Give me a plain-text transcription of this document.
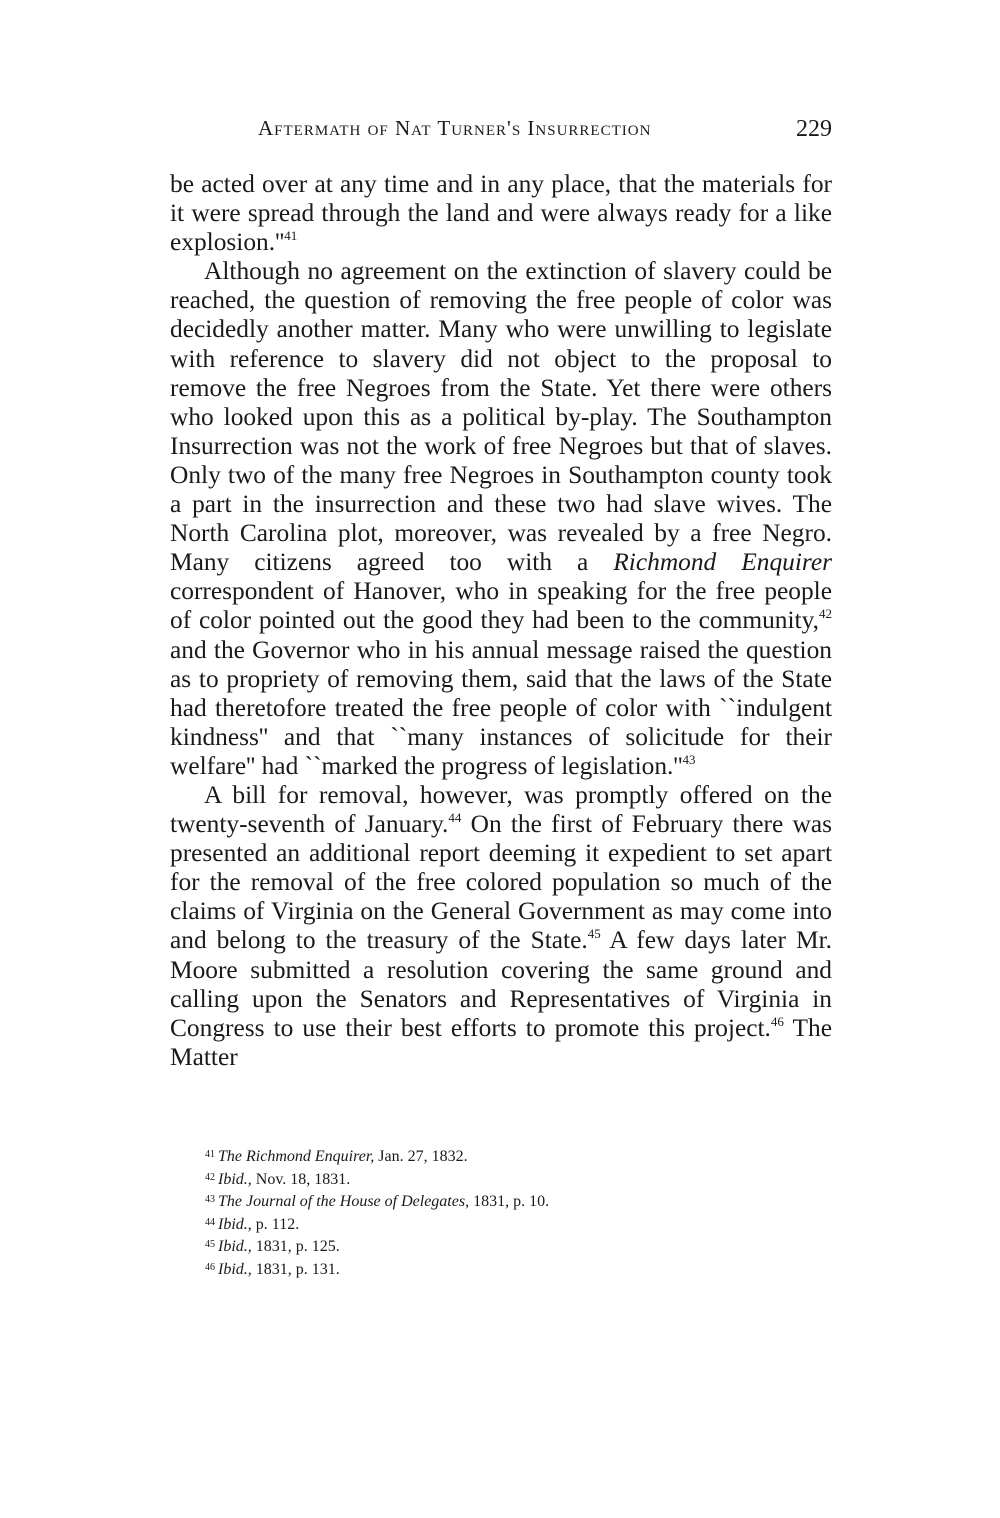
Aftermath of Nat Turner's Insurrection	229

be acted over at any time and in any place, that the materials for it were spread through the land and were always ready for a like $explosion.''^{41}$

Although no agreement on the extinction of slavery could be reached, the question of removing the free people of color was decidedly another matter. Many who were unwilling to legislate with reference to slavery did not object to the proposal to remove the free Negroes from the State. Yet there were others who looked upon this as a political by-play. The Southampton Insurrection was not the work of free Negroes but that of slaves. Only two of the many free Negroes in Southampton county took a part in the insurrection and these two had slave wives. The North Carolina plot, moreover, was revealed by a free Negro. Many citizens agreed too with a Richmond Enquirer correspondent of Hanover, who in speaking for the free people of color pointed out the good they had been to the community,$^{42}$ and the Governor who in his annual message raised the question as to propriety of removing them, said that the laws of the State had theretofore treated the free people of color with ``indulgent kindness'' and that ``many instances of solicitude for their welfare'' had ``marked the progress of $legislation.''^{43}$

A bill for removal, however, was promptly offered on the twenty-seventh of January.$^{44}$ On the first of February there was presented an additional report deeming it expedient to set apart for the removal of the free colored population so much of the claims of Virginia on the General Government as may come into and belong to the treasury of the State.$^{45}$ A few days later Mr. Moore submitted a resolution covering the same ground and calling upon the Senators and Representatives of Virginia in Congress to use their best efforts to promote this project.$^{46}$ The Matter

$^{41}$ The Richmond Enquirer, Jan. 27, 1832.
$^{42}$ Ibid., Nov. 18, 1831.
$^{43}$ The Journal of the House of Delegates, 1831, p. 10.
$^{44}$ Ibid., p. 112.
$^{45}$ Ibid., 1831, p. 125.
$^{46}$ Ibid., 1831, p. 131.
